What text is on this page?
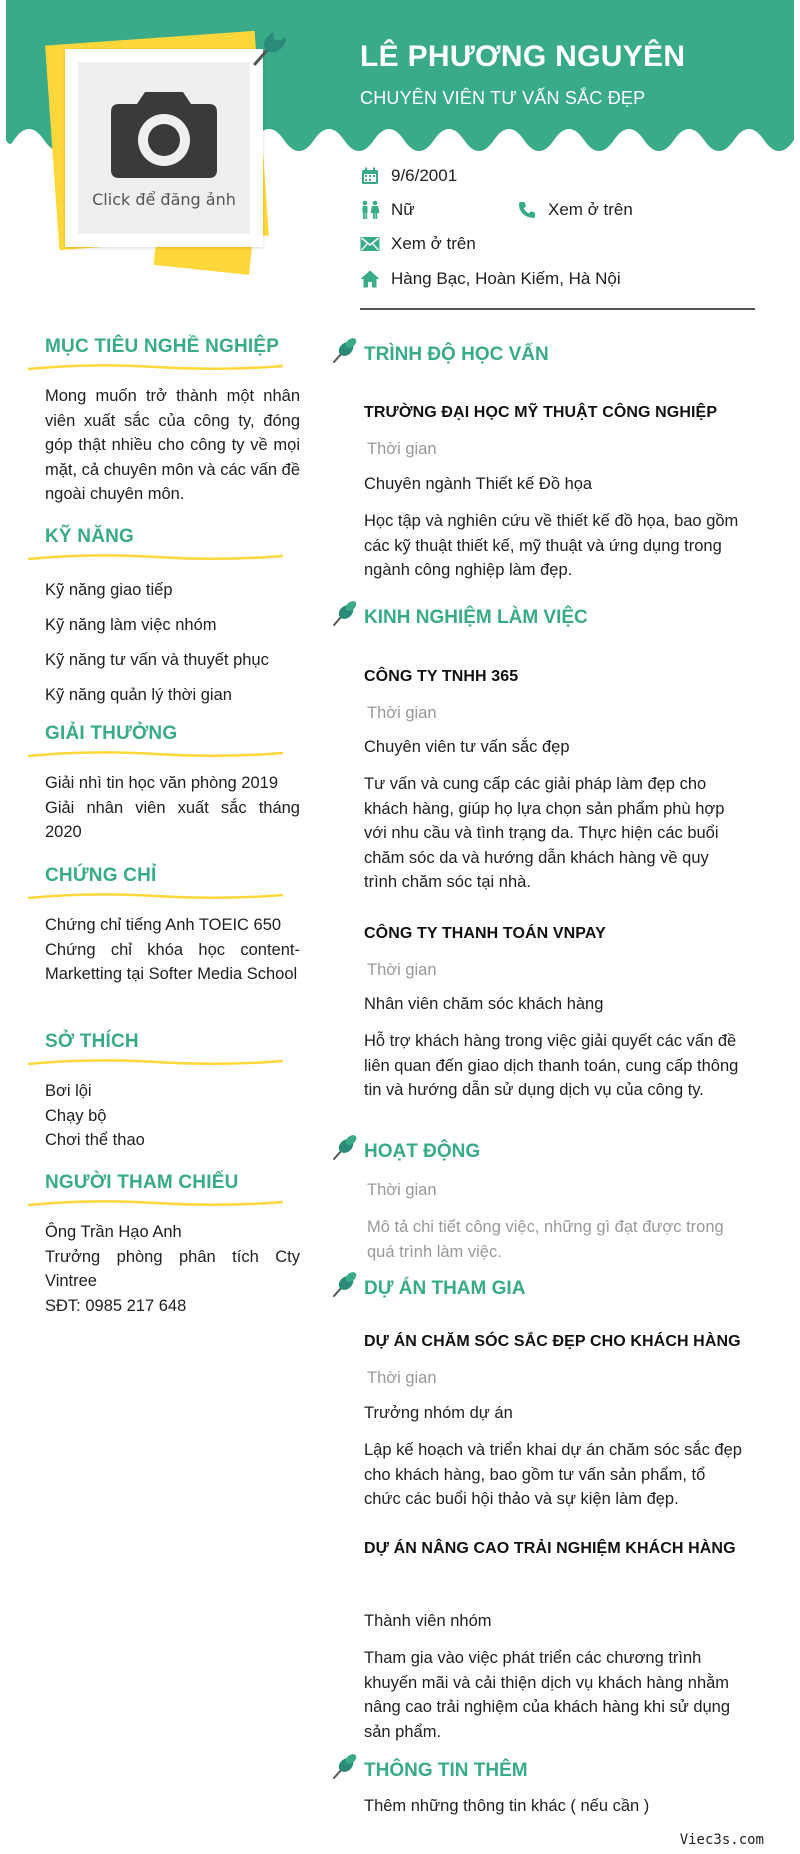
Click để đăng ảnh
LÊ PHƯƠNG NGUYÊN
CHUYÊN VIÊN TƯ VẤN SẮC ĐẸP
9/6/2001
Nữ	Xem ở trên
Xem ở trên
Hàng Bạc, Hoàn Kiếm, Hà Nội
MỤC TIÊU NGHỀ NGHIỆP
Mong muốn trở thành một nhân viên xuất sắc của công ty, đóng góp thật nhiều cho công ty về mọi mặt, cả chuyên môn và các vấn đề ngoài chuyên môn.
KỸ NĂNG
Kỹ năng giao tiếp
Kỹ năng làm việc nhóm
Kỹ năng tư vấn và thuyết phục
Kỹ năng quản lý thời gian
GIẢI THƯỞNG
Giải nhì tin học văn phòng 2019
Giải nhân viên xuất sắc tháng 2020
CHỨNG CHỈ
Chứng chỉ tiếng Anh TOEIC 650
Chứng chỉ khóa học content-Marketting tại Softer Media School
SỞ THÍCH
Bơi lội
Chạy bộ
Chơi thể thao
NGƯỜI THAM CHIẾU
Ông Trần Hạo Anh
Trưởng phòng phân tích Cty Vintree
SĐT: 0985 217 648
TRÌNH ĐỘ HỌC VẤN
TRƯỜNG ĐẠI HỌC MỸ THUẬT CÔNG NGHIỆP
Thời gian
Chuyên ngành Thiết kế Đồ họa
Học tập và nghiên cứu về thiết kế đồ họa, bao gồm các kỹ thuật thiết kế, mỹ thuật và ứng dụng trong ngành công nghiệp làm đẹp.
KINH NGHIỆM LÀM VIỆC
CÔNG TY TNHH 365
Thời gian
Chuyên viên tư vấn sắc đẹp
Tư vấn và cung cấp các giải pháp làm đẹp cho khách hàng, giúp họ lựa chọn sản phẩm phù hợp với nhu cầu và tình trạng da. Thực hiện các buổi chăm sóc da và hướng dẫn khách hàng về quy trình chăm sóc tại nhà.
CÔNG TY THANH TOÁN VNPAY
Thời gian
Nhân viên chăm sóc khách hàng
Hỗ trợ khách hàng trong việc giải quyết các vấn đề liên quan đến giao dịch thanh toán, cung cấp thông tin và hướng dẫn sử dụng dịch vụ của công ty.
HOẠT ĐỘNG
Thời gian
Mô tả chi tiết công việc, những gì đạt được trong quá trình làm việc.
DỰ ÁN THAM GIA
DỰ ÁN CHĂM SÓC SẮC ĐẸP CHO KHÁCH HÀNG
Thời gian
Trưởng nhóm dự án
Lập kế hoạch và triển khai dự án chăm sóc sắc đẹp cho khách hàng, bao gồm tư vấn sản phẩm, tổ chức các buổi hội thảo và sự kiện làm đẹp.
DỰ ÁN NÂNG CAO TRẢI NGHIỆM KHÁCH HÀNG
Thành viên nhóm
Tham gia vào việc phát triển các chương trình khuyến mãi và cải thiện dịch vụ khách hàng nhằm nâng cao trải nghiệm của khách hàng khi sử dụng sản phẩm.
THÔNG TIN THÊM
Thêm những thông tin khác ( nếu cần )
Viec3s.com
